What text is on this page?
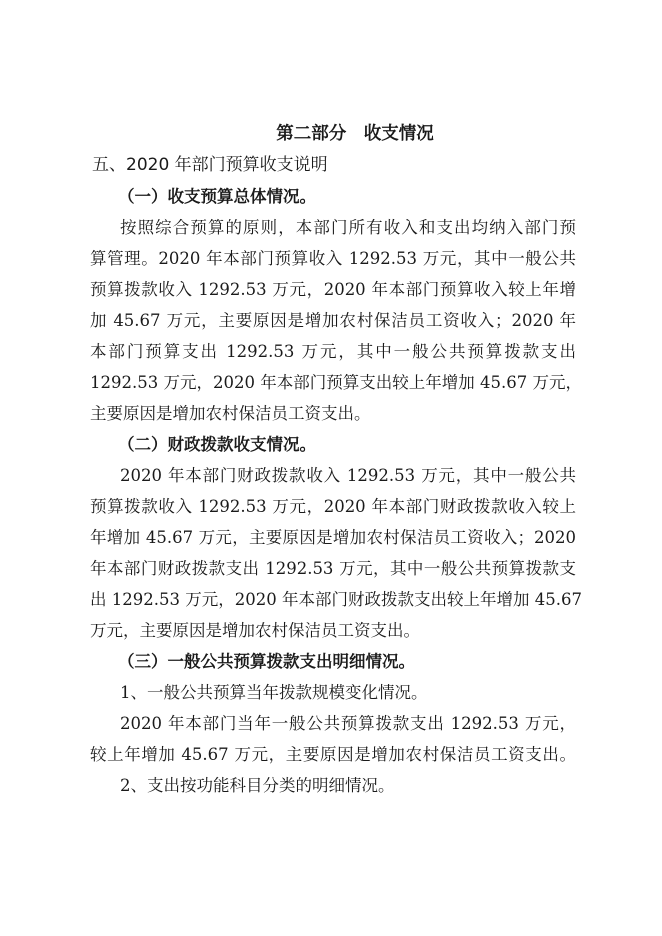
第二部分　收支情况
五、2020 年部门预算收支说明
（一）收支预算总体情况。
按照综合预算的原则，本部门所有收入和支出均纳入部门预
算管理。2020 年本部门预算收入 1292.53 万元，其中一般公共
预算拨款收入 1292.53 万元，2020 年本部门预算收入较上年增
加 45.67 万元，主要原因是增加农村保洁员工资收入；2020 年
本部门预算支出 1292.53 万元，其中一般公共预算拨款支出
1292.53 万元，2020 年本部门预算支出较上年增加 45.67 万元，
主要原因是增加农村保洁员工资支出。
（二）财政拨款收支情况。
2020 年本部门财政拨款收入 1292.53 万元，其中一般公共
预算拨款收入 1292.53 万元，2020 年本部门财政拨款收入较上
年增加 45.67 万元，主要原因是增加农村保洁员工资收入；2020
年本部门财政拨款支出 1292.53 万元，其中一般公共预算拨款支
出 1292.53 万元，2020 年本部门财政拨款支出较上年增加 45.67
万元，主要原因是增加农村保洁员工资支出。
（三）一般公共预算拨款支出明细情况。
1、一般公共预算当年拨款规模变化情况。
2020 年本部门当年一般公共预算拨款支出 1292.53 万元，
较上年增加 45.67 万元，主要原因是增加农村保洁员工资支出。
2、支出按功能科目分类的明细情况。
